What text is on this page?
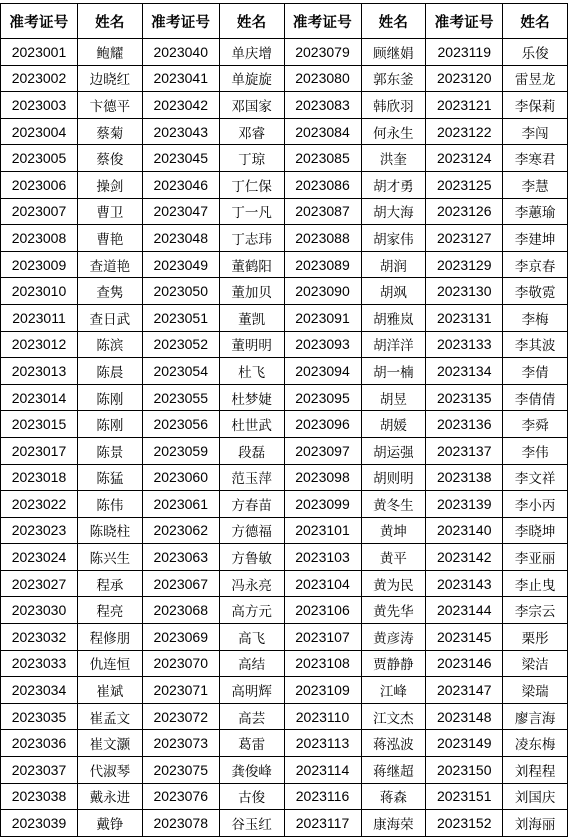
准考证号	姓名	准考证号	姓名	准考证号	姓名	准考证号	姓名
2023001	鲍耀	2023040	单庆增	2023079	顾继娟	2023119	乐俊
2023002	边晓红	2023041	单旋旋	2023080	郭东釜	2023120	雷昱龙
2023003	卞德平	2023042	邓国家	2023083	韩欣羽	2023121	李保莉
2023004	蔡菊	2023043	邓睿	2023084	何永生	2023122	李闯
2023005	蔡俊	2023045	丁琼	2023085	洪奎	2023124	李寒君
2023006	操剑	2023046	丁仁保	2023086	胡才勇	2023125	李慧
2023007	曹卫	2023047	丁一凡	2023087	胡大海	2023126	李蕙瑜
2023008	曹艳	2023048	丁志玮	2023088	胡家伟	2023127	李建坤
2023009	查道艳	2023049	董鹤阳	2023089	胡润	2023129	李京春
2023010	查隽	2023050	董加贝	2023090	胡飒	2023130	李敬霓
2023011	查日武	2023051	董凯	2023091	胡雅岚	2023131	李梅
2023012	陈滨	2023052	董明明	2023093	胡洋洋	2023133	李其波
2023013	陈晨	2023054	杜飞	2023094	胡一楠	2023134	李倩
2023014	陈刚	2023055	杜梦婕	2023095	胡昱	2023135	李倩倩
2023015	陈刚	2023056	杜世武	2023096	胡媛	2023136	李舜
2023017	陈景	2023059	段磊	2023097	胡运强	2023137	李伟
2023018	陈猛	2023060	范玉萍	2023098	胡则明	2023138	李文祥
2023022	陈伟	2023061	方春苗	2023099	黄冬生	2023139	李小丙
2023023	陈晓柱	2023062	方德福	2023101	黄坤	2023140	李晓坤
2023024	陈兴生	2023063	方鲁敏	2023103	黄平	2023142	李亚丽
2023027	程承	2023067	冯永亮	2023104	黄为民	2023143	李止曳
2023030	程亮	2023068	高方元	2023106	黄先华	2023144	李宗云
2023032	程修朋	2023069	高飞	2023107	黄彦涛	2023145	栗彤
2023033	仇连恒	2023070	高结	2023108	贾静静	2023146	梁洁
2023034	崔斌	2023071	高明辉	2023109	江峰	2023147	梁瑞
2023035	崔孟文	2023072	高芸	2023110	江文杰	2023148	廖言海
2023036	崔文灏	2023073	葛雷	2023113	蒋泓波	2023149	凌东梅
2023037	代淑琴	2023075	龚俊峰	2023114	蒋继超	2023150	刘程程
2023038	戴永进	2023076	古俊	2023116	蒋森	2023151	刘国庆
2023039	戴铮	2023078	谷玉红	2023117	康海荣	2023152	刘海丽
